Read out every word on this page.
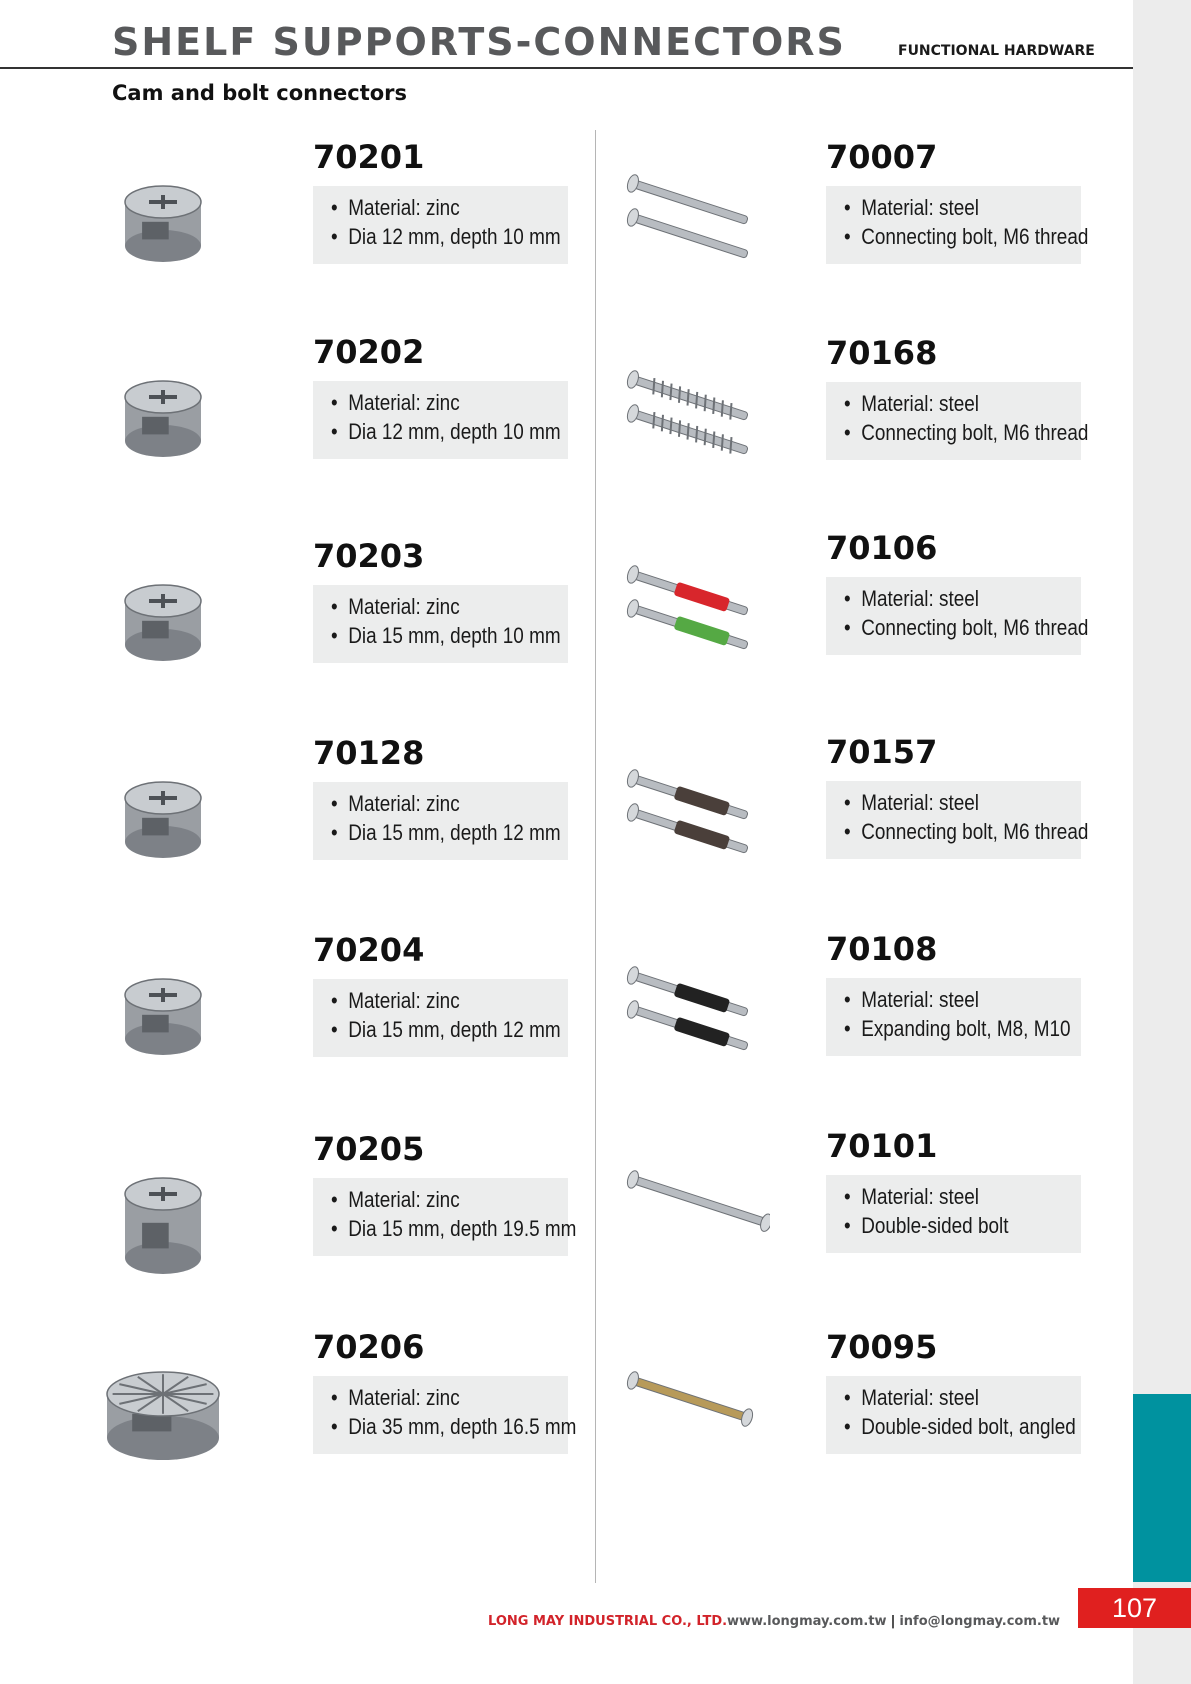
107
SHELF SUPPORTS-CONNECTORS	FUNCTIONAL HARDWARE
Cam and bolt connectors
70201
• Material: zinc
• Dia 12 mm, depth 10 mm
70202
• Material: zinc
• Dia 12 mm, depth 10 mm
70203
• Material: zinc
• Dia 15 mm, depth 10 mm
70128
• Material: zinc
• Dia 15 mm, depth 12 mm
70204
• Material: zinc
• Dia 15 mm, depth 12 mm
70205
• Material: zinc
• Dia 15 mm, depth 19.5 mm
70206
• Material: zinc
• Dia 35 mm, depth 16.5 mm
70007
• Material: steel
• Connecting bolt, M6 thread
70168
• Material: steel
• Connecting bolt, M6 thread
70106
• Material: steel
• Connecting bolt, M6 thread
70157
• Material: steel
• Connecting bolt, M6 thread
70108
• Material: steel
• Expanding bolt, M8, M10
70101
• Material: steel
• Double-sided bolt
70095
• Material: steel
• Double-sided bolt, angled
LONG MAY INDUSTRIAL CO., LTD. www.longmay.com.tw | info@longmay.com.tw
